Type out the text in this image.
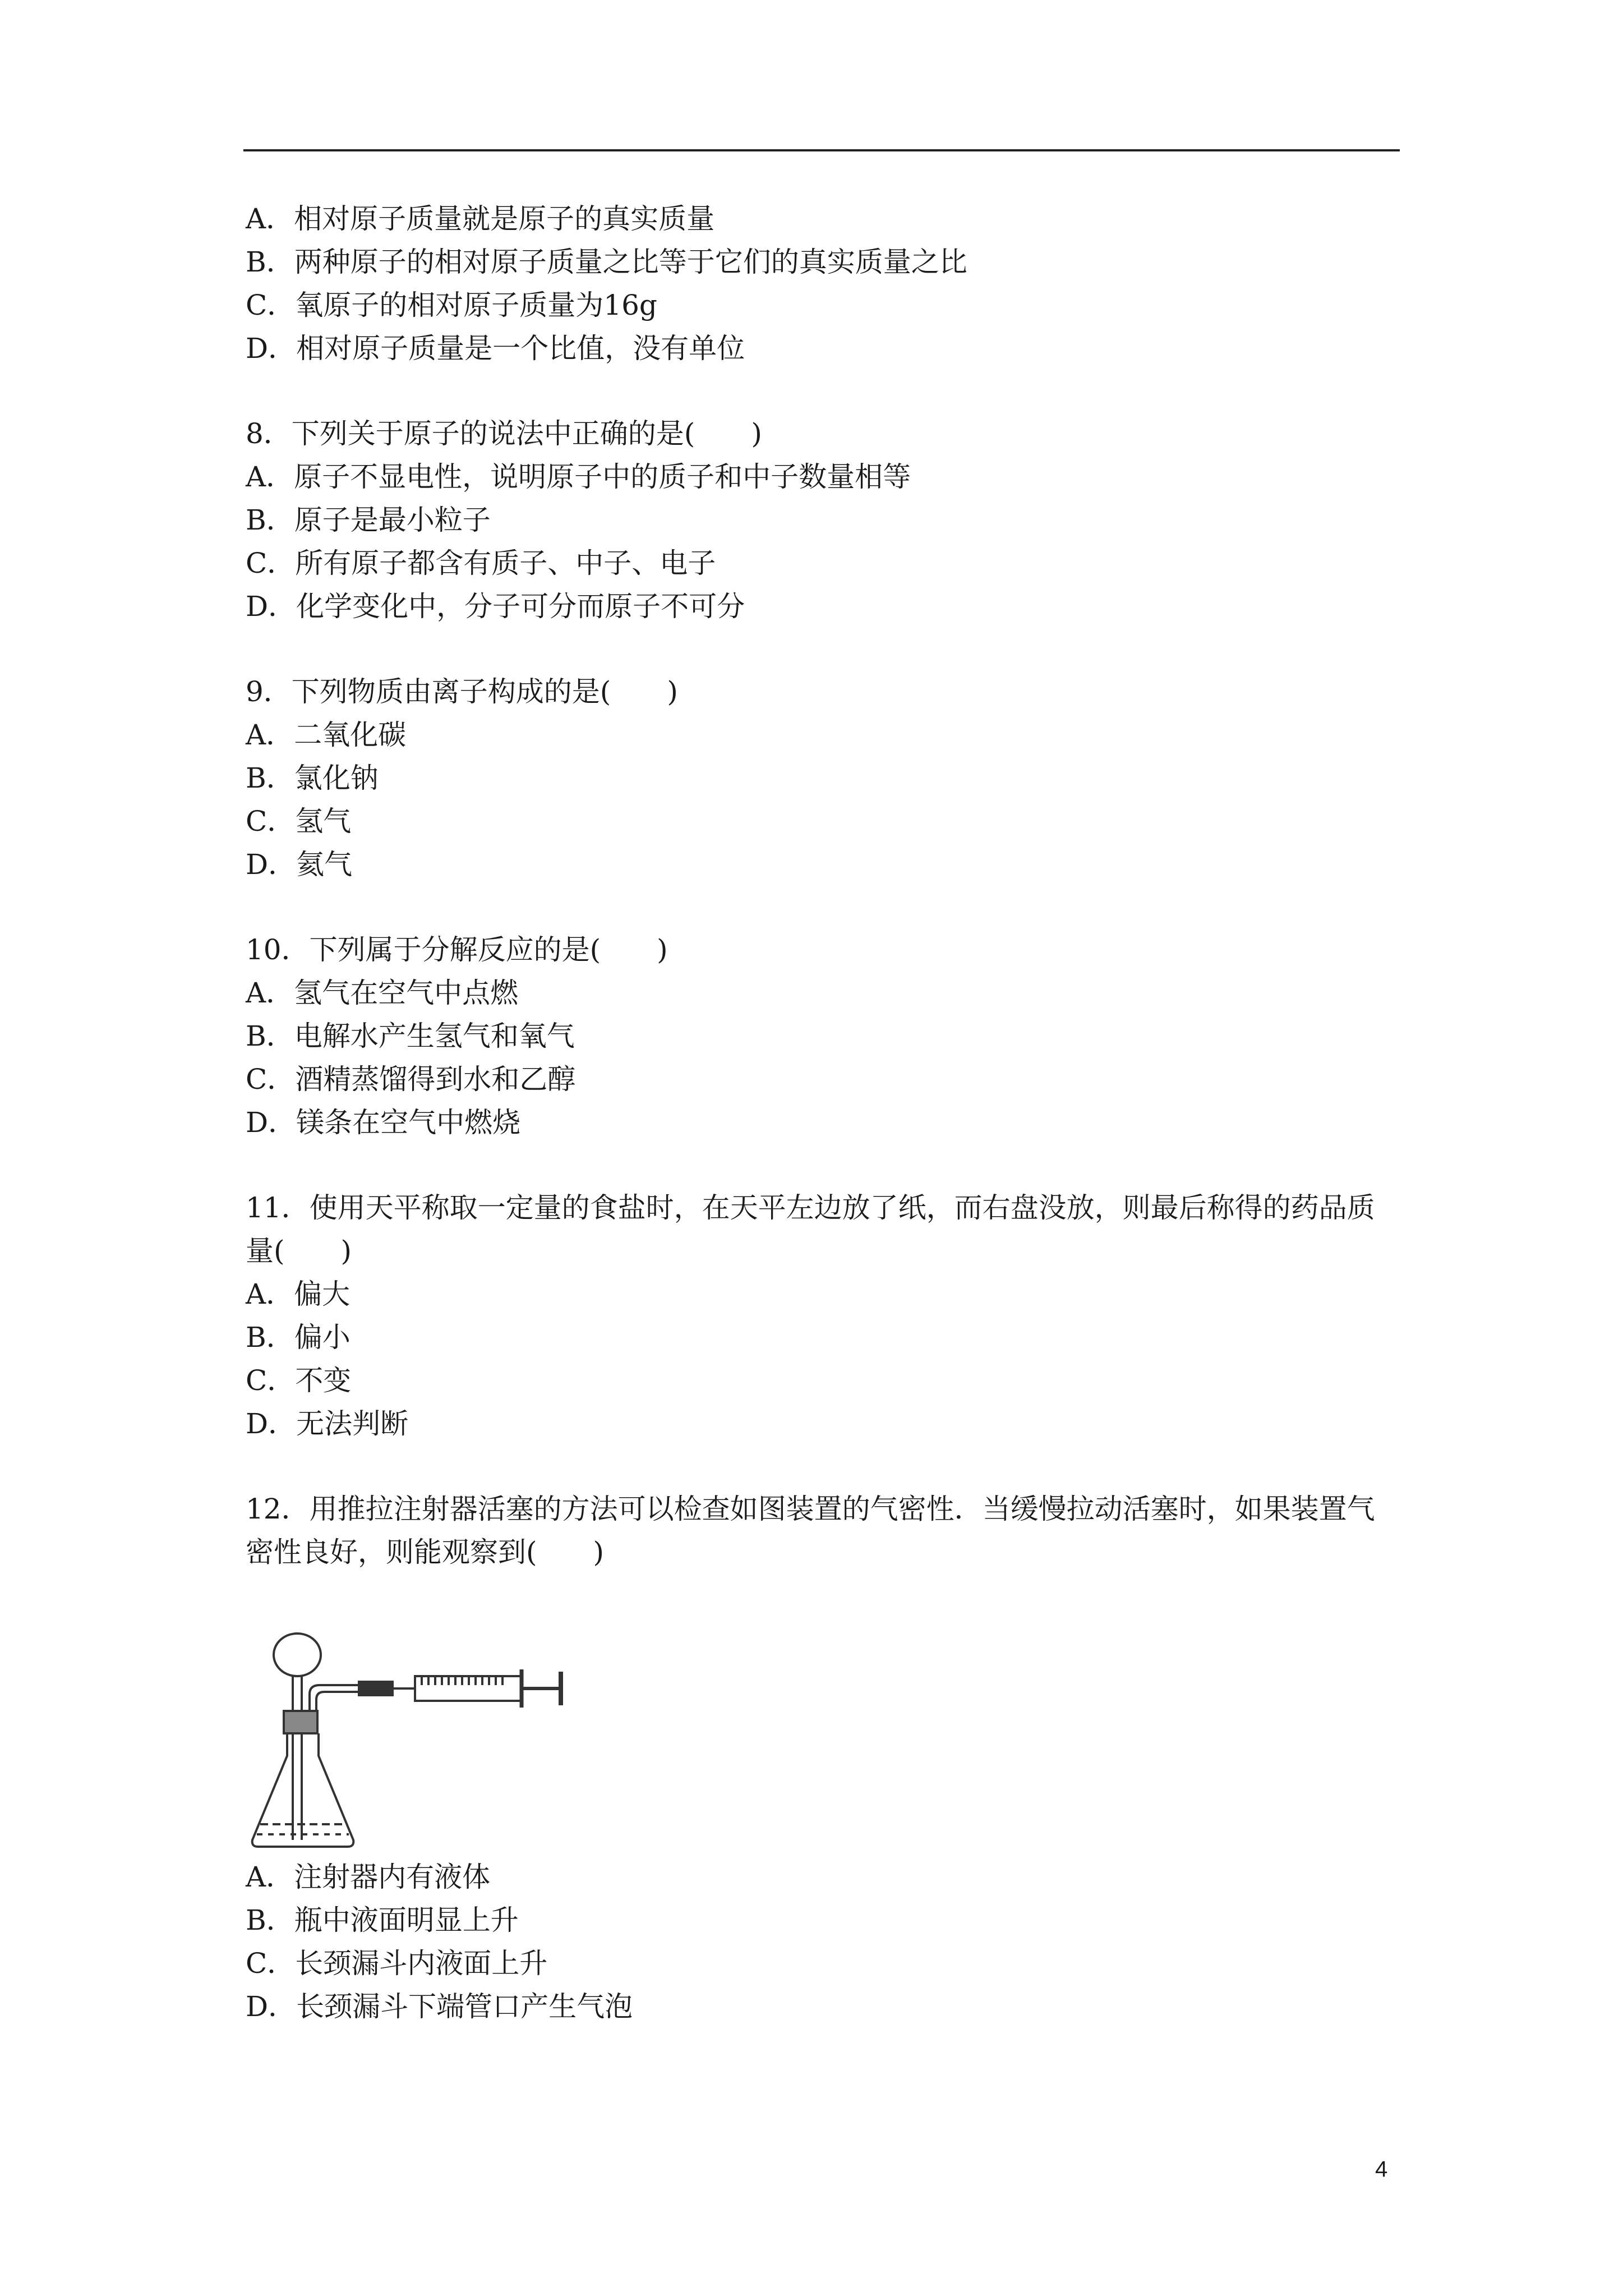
A．相对原子质量就是原子的真实质量
B．两种原子的相对原子质量之比等于它们的真实质量之比
C．氧原子的相对原子质量为16g
D．相对原子质量是一个比值，没有单位
8．下列关于原子的说法中正确的是(　　)
A．原子不显电性，说明原子中的质子和中子数量相等
B．原子是最小粒子
C．所有原子都含有质子、中子、电子
D．化学变化中，分子可分而原子不可分
9．下列物质由离子构成的是(　　)
A．二氧化碳
B．氯化钠
C．氢气
D．氦气
10．下列属于分解反应的是(　　)
A．氢气在空气中点燃
B．电解水产生氢气和氧气
C．酒精蒸馏得到水和乙醇
D．镁条在空气中燃烧
11．使用天平称取一定量的食盐时，在天平左边放了纸，而右盘没放，则最后称得的药品质
量(　　)
A．偏大
B．偏小
C．不变
D．无法判断
12．用推拉注射器活塞的方法可以检查如图装置的气密性．当缓慢拉动活塞时，如果装置气
密性良好，则能观察到(　　)
A．注射器内有液体
B．瓶中液面明显上升
C．长颈漏斗内液面上升
D．长颈漏斗下端管口产生气泡
4
